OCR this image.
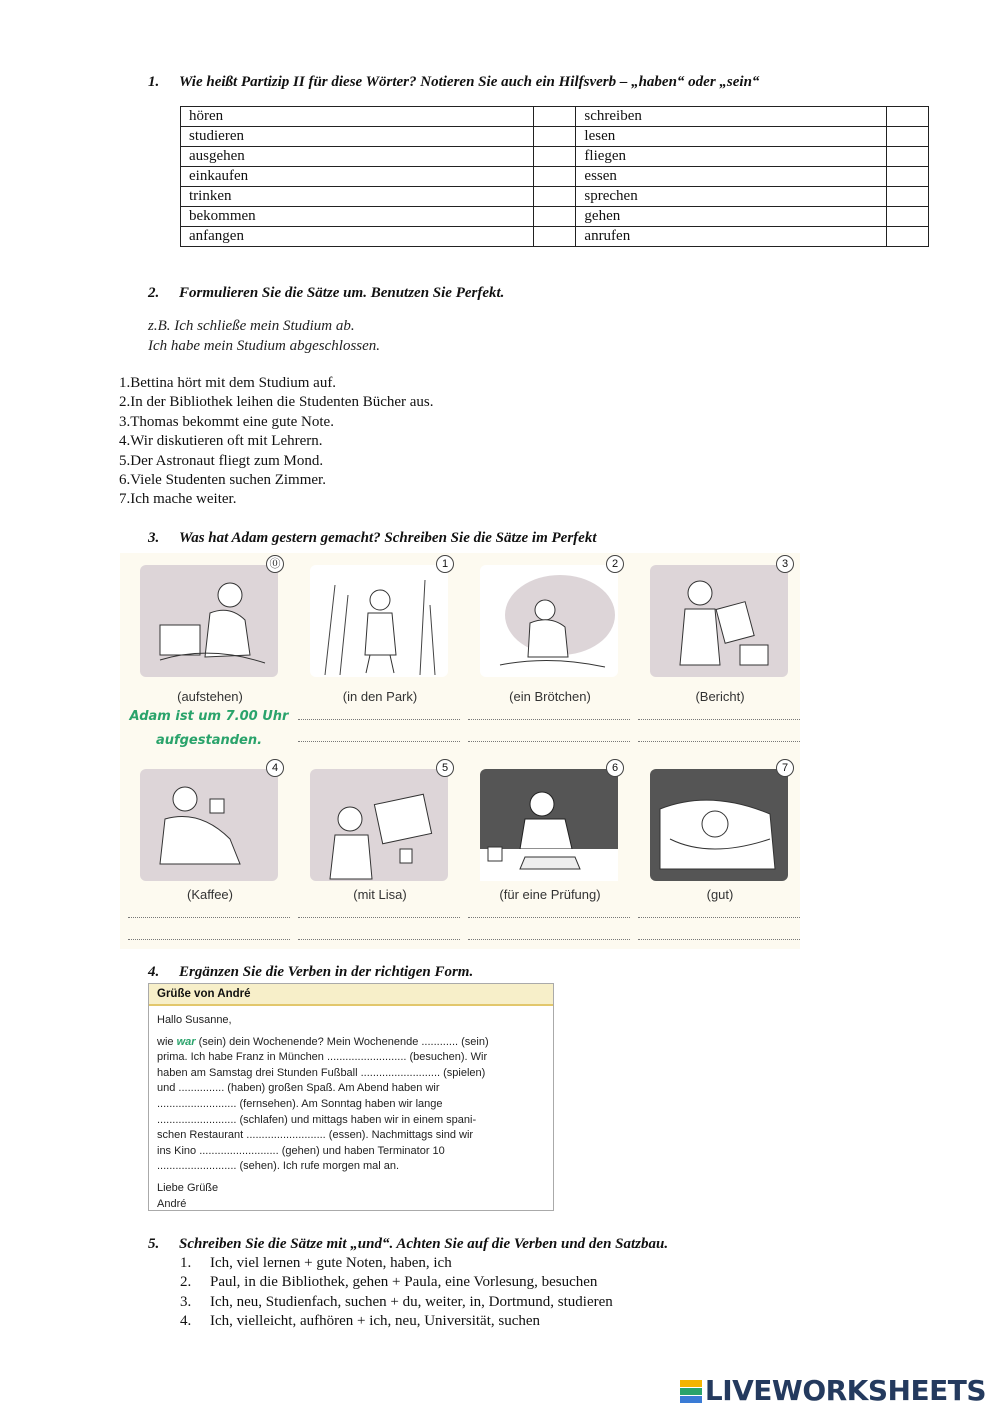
1. Wie heißt Partizip II für diese Wörter? Notieren Sie auch ein Hilfsverb – „haben“ oder „sein“
hören		schreiben	
studieren		lesen	
ausgehen		fliegen	
einkaufen		essen	
trinken		sprechen	
bekommen		gehen	
anfangen		anrufen	
2. Formulieren Sie die Sätze um. Benutzen Sie Perfekt.
z.B. Ich schließe mein Studium ab.
Ich habe mein Studium abgeschlossen.
1.Bettina hört mit dem Studium auf.
2.In der Bibliothek leihen die Studenten Bücher aus.
3.Thomas bekommt eine gute Note.
4.Wir diskutieren oft mit Lehrern.
5.Der Astronaut fliegt zum Mond.
6.Viele Studenten suchen Zimmer.
7.Ich mache weiter.
3. Was hat Adam gestern gemacht? Schreiben Sie die Sätze im Perfekt
⓪	1	2	3
(aufstehen)	(in den Park)	(ein Brötchen)	(Bericht)
Adam ist um 7.00 Uhr
aufgestanden.
4	5	6	7
(Kaffee)	(mit Lisa)	(für eine Prüfung)	(gut)
4. Ergänzen Sie die Verben in der richtigen Form.
Grüße von André

Hallo Susanne,

wie war (sein) dein Wochenende? Mein Wochenende ............ (sein)

prima. Ich habe Franz in München .......................... (besuchen). Wir

haben am Samstag drei Stunden Fußball .......................... (spielen)

und ............... (haben) großen Spaß. Am Abend haben wir

.......................... (fernsehen). Am Sonntag haben wir lange

.......................... (schlafen) und mittags haben wir in einem spani-

schen Restaurant .......................... (essen). Nachmittags sind wir

ins Kino .......................... (gehen) und haben Terminator 10

.......................... (sehen). Ich rufe morgen mal an.

Liebe Grüße

André

5. Schreiben Sie die Sätze mit „und“. Achten Sie auf die Verben und den Satzbau.
1. Ich, viel lernen + gute Noten, haben, ich
2. Paul, in die Bibliothek, gehen + Paula, eine Vorlesung, besuchen
3. Ich, neu, Studienfach, suchen + du, weiter, in, Dortmund, studieren
4. Ich, vielleicht, aufhören + ich, neu, Universität, suchen
LIVEWORKSHEETS
